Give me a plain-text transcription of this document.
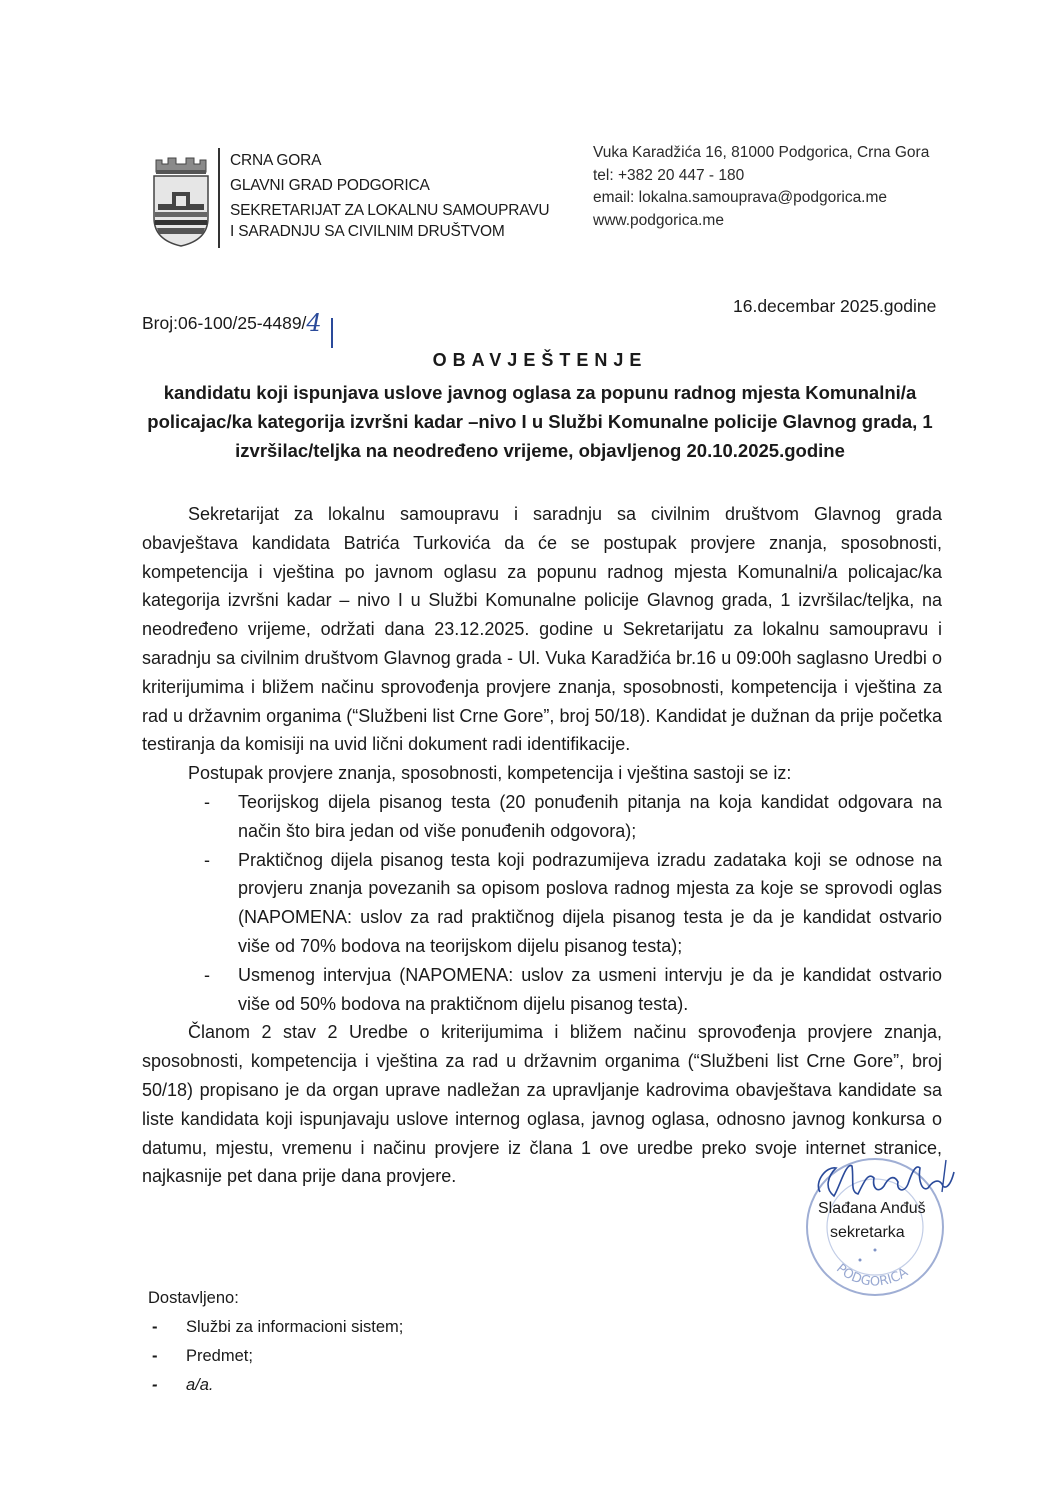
CRNA GORA
GLAVNI GRAD PODGORICA
SEKRETARIJAT ZA LOKALNU SAMOUPRAVU
I SARADNJU SA CIVILNIM DRUŠTVOM
Vuka Karadžića 16, 81000 Podgorica, Crna Gora
tel: +382 20 447 - 180
email: lokalna.samouprava@podgorica.me
www.podgorica.me
Broj:06-100/25-4489/4
16.decembar 2025.godine
OBAVJEŠTENJE
kandidatu koji ispunjava uslove javnog oglasa za popunu radnog mjesta Komunalni/a policajac/ka kategorija izvršni kadar –nivo I u Službi Komunalne policije Glavnog grada, 1 izvršilac/teljka na neodređeno vrijeme, objavljenog 20.10.2025.godine

Sekretarijat za lokalnu samoupravu i saradnju sa civilnim društvom Glavnog grada obavještava kandidata Batrića Turkovića da će se postupak provjere znanja, sposobnosti, kompetencija i vještina po javnom oglasu za popunu radnog mjesta Komunalni/a policajac/ka kategorija izvršni kadar – nivo I u Službi Komunalne policije Glavnog grada, 1 izvršilac/teljka, na neodređeno vrijeme, održati dana 23.12.2025. godine u Sekretarijatu za lokalnu samoupravu i saradnju sa civilnim društvom Glavnog grada - Ul. Vuka Karadžića br.16 u 09:00h saglasno Uredbi o kriterijumima i bližem načinu sprovođenja provjere znanja, sposobnosti, kompetencija i vještina za rad u državnim organima (“Službeni list Crne Gore”, broj 50/18). Kandidat je dužnan da prije početka testiranja da komisiji na uvid lični dokument radi identifikacije.

Postupak provjere znanja, sposobnosti, kompetencija i vještina sastoji se iz:

- Teorijskog dijela pisanog testa (20 ponuđenih pitanja na koja kandidat odgovara na način što bira jedan od više ponuđenih odgovora);
- Praktičnog dijela pisanog testa koji podrazumijeva izradu zadataka koji se odnose na provjeru znanja povezanih sa opisom poslova radnog mjesta za koje se sprovodi oglas (NAPOMENA: uslov za rad praktičnog dijela pisanog testa je da je kandidat ostvario više od 70% bodova na teorijskom dijelu pisanog testa);
- Usmenog intervjua (NAPOMENA: uslov za usmeni intervju je da je kandidat ostvario više od 50% bodova na praktičnom dijelu pisanog testa).

Članom 2 stav 2 Uredbe o kriterijumima i bližem načinu sprovođenja provjere znanja, sposobnosti, kompetencija i vještina za rad u državnim organima (“Službeni list Crne Gore”, broj 50/18) propisano je da organ uprave nadležan za upravljanje kadrovima obavještava kandidate sa liste kandidata koji ispunjavaju uslove internog oglasa, javnog oglasa, odnosno javnog konkursa o datumu, mjestu, vremenu i načinu provjere iz člana 1 ove uredbe preko svoje internet stranice, najkasnije pet dana prije dana provjere.

PODGORICA
Slađana Anđuš
sekretarka
Dostavljeno:
- Službi za informacioni sistem;
- Predmet;
- a/a.
